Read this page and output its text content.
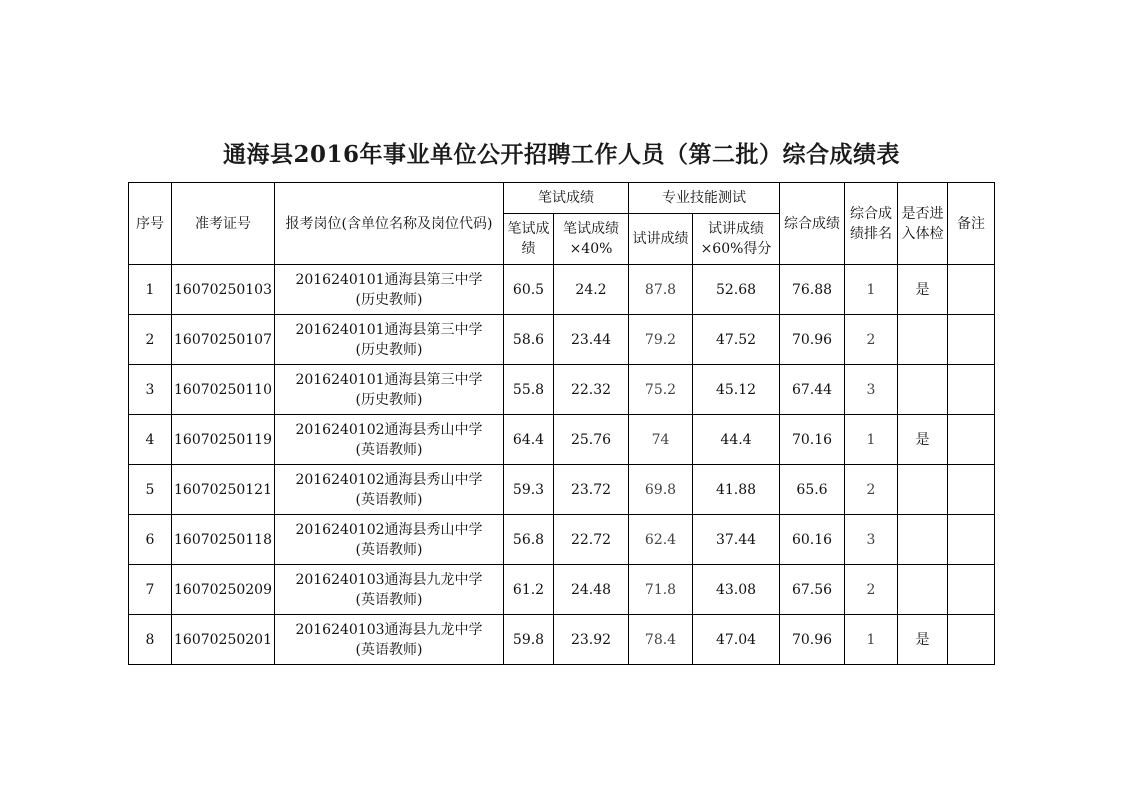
通海县2016年事业单位公开招聘工作人员（第二批）综合成绩表
序号	准考证号	报考岗位(含单位名称及岗位代码)	笔试成绩		专业技能测试		综合成绩	综合成绩排名	是否进入体检	备注
			笔试成绩	笔试成绩×40%	试讲成绩	试讲成绩×60%得分				
1	16070250103	2016240101通海县第三中学
(历史教师)	60.5	24.2	87.8	52.68	76.88	1	是	
2	16070250107	2016240101通海县第三中学
(历史教师)	58.6	23.44	79.2	47.52	70.96	2		
3	16070250110	2016240101通海县第三中学
(历史教师)	55.8	22.32	75.2	45.12	67.44	3		
4	16070250119	2016240102通海县秀山中学
(英语教师)	64.4	25.76	74	44.4	70.16	1	是	
5	16070250121	2016240102通海县秀山中学
(英语教师)	59.3	23.72	69.8	41.88	65.6	2		
6	16070250118	2016240102通海县秀山中学
(英语教师)	56.8	22.72	62.4	37.44	60.16	3		
7	16070250209	2016240103通海县九龙中学
(英语教师)	61.2	24.48	71.8	43.08	67.56	2		
8	16070250201	2016240103通海县九龙中学
(英语教师)	59.8	23.92	78.4	47.04	70.96	1	是	
